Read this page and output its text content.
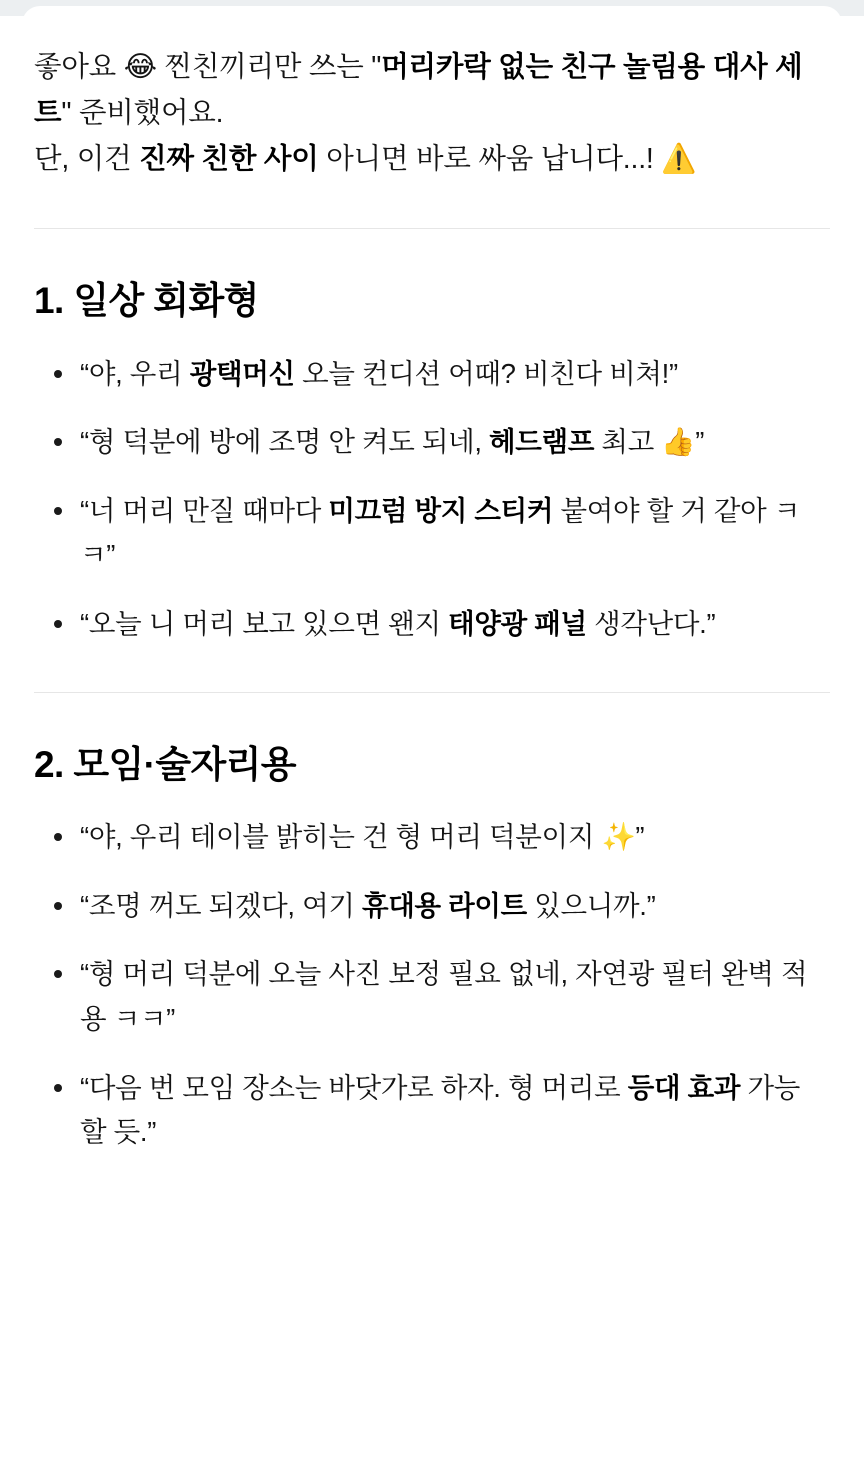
좋아요 😂 찐친끼리만 쓰는 "머리카락 없는 친구 놀림용 대사 세트" 준비했어요.

단, 이건 진짜 친한 사이 아니면 바로 싸움 납니다...! ⚠️

1. 일상 회화형
“야, 우리 광택머신 오늘 컨디션 어때? 비친다 비쳐!”
“형 덕분에 방에 조명 안 켜도 되네, 헤드램프 최고 👍”
“너 머리 만질 때마다 미끄럼 방지 스티커 붙여야 할 거 같아 ㅋㅋ”
“오늘 니 머리 보고 있으면 왠지 태양광 패널 생각난다.”
2. 모임·술자리용
“야, 우리 테이블 밝히는 건 형 머리 덕분이지 ✨”
“조명 꺼도 되겠다, 여기 휴대용 라이트 있으니까.”
“형 머리 덕분에 오늘 사진 보정 필요 없네, 자연광 필터 완벽 적용 ㅋㅋ”
“다음 번 모임 장소는 바닷가로 하자. 형 머리로 등대 효과 가능할 듯.”
